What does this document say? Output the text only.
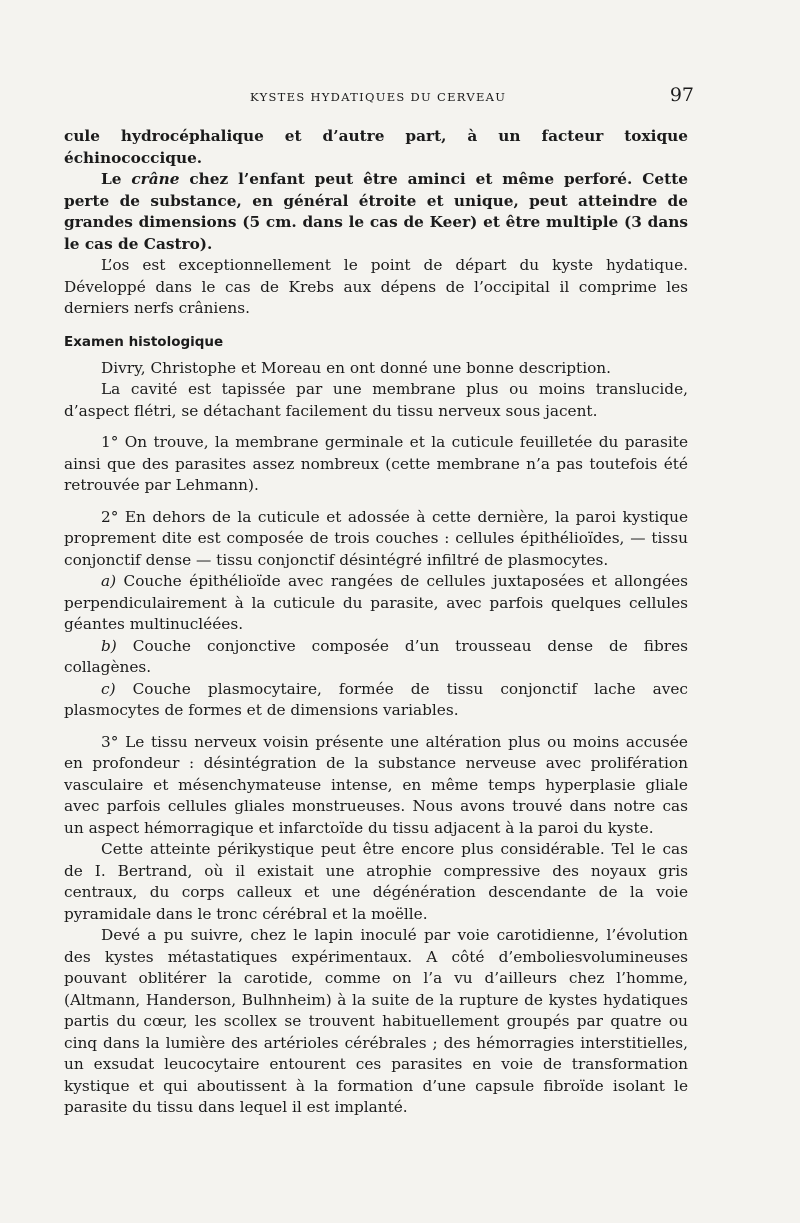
KYSTES HYDATIQUES DU CERVEAU	97

cule hydrocéphalique et d’autre part, à un facteur toxique échinococcique.

Le crâne chez l’enfant peut être aminci et même perforé. Cette perte de substance, en général étroite et unique, peut atteindre de grandes dimensions (5 cm. dans le cas de Keer) et être multiple (3 dans le cas de Castro).

L’os est exceptionnellement le point de départ du kyste hydatique. Développé dans le cas de Krebs aux dépens de l’occipital il comprime les derniers nerfs crâniens.

Examen histologique

Divry, Christophe et Moreau en ont donné une bonne description.

La cavité est tapissée par une membrane plus ou moins translucide, d’aspect flétri, se détachant facilement du tissu nerveux sous jacent.

1° On trouve, la membrane germinale et la cuticule feuilletée du parasite ainsi que des parasites assez nombreux (cette membrane n’a pas toutefois été retrouvée par Lehmann).

2° En dehors de la cuticule et adossée à cette dernière, la paroi kystique proprement dite est composée de trois couches : cellules épithélioïdes, — tissu conjonctif dense — tissu conjonctif désintégré infiltré de plasmocytes.

a) Couche épithélioïde avec rangées de cellules juxtaposées et allongées perpendiculairement à la cuticule du parasite, avec parfois quelques cellules géantes multinucléées.

b) Couche conjonctive composée d’un trousseau dense de fibres collagènes.

c) Couche plasmocytaire, formée de tissu conjonctif lache avec plasmocytes de formes et de dimensions variables.

3° Le tissu nerveux voisin présente une altération plus ou moins accusée en profondeur : désintégration de la substance nerveuse avec prolifération vasculaire et mésenchymateuse intense, en même temps hyperplasie gliale avec parfois cellules gliales monstrueuses. Nous avons trouvé dans notre cas un aspect hémorragique et infarctoïde du tissu adjacent à la paroi du kyste.

Cette atteinte périkystique peut être encore plus considérable. Tel le cas de I. Bertrand, où il existait une atrophie compressive des noyaux gris centraux, du corps calleux et une dégénération descendante de la voie pyramidale dans le tronc cérébral et la moëlle.

Devé a pu suivre, chez le lapin inoculé par voie carotidienne, l’évolution des kystes métastatiques expérimentaux. A côté d’emboliesvolumineuses pouvant oblitérer la carotide, comme on l’a vu d’ailleurs chez l’homme, (Altmann, Handerson, Bulhnheim) à la suite de la rupture de kystes hydatiques partis du cœur, les scollex se trouvent habituellement groupés par quatre ou cinq dans la lumière des artérioles cérébrales ; des hémorragies interstitielles, un exsudat leucocytaire entourent ces parasites en voie de transformation kystique et qui aboutissent à la formation d’une capsule fibroïde isolant le parasite du tissu dans lequel il est implanté.
